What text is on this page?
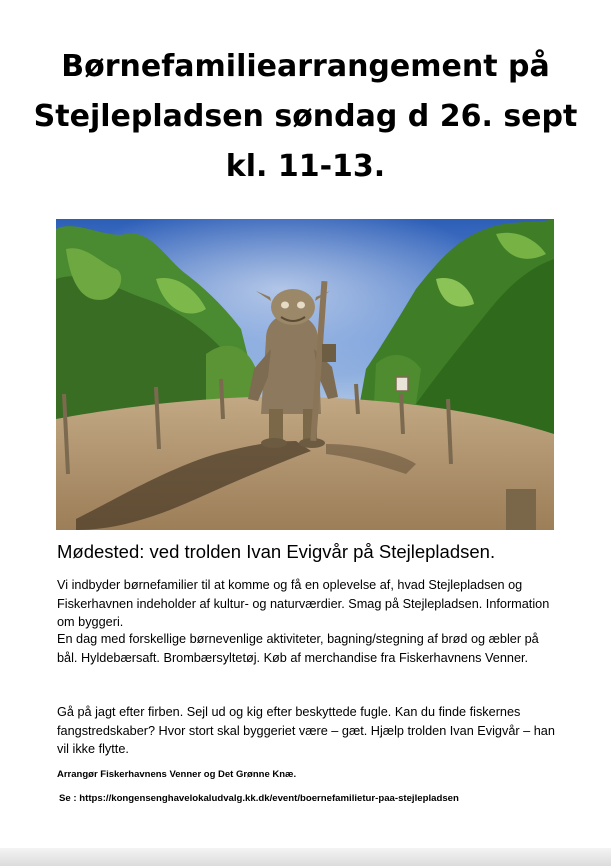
Børnefamiliearrangement på
Stejlepladsen søndag d 26. sept
kl. 11-13.

Mødested: ved trolden Ivan Evigvår på Stejlepladsen.

Vi indbyder børnefamilier til at komme og få en oplevelse af, hvad Stejlepladsen og Fiskerhavnen indeholder af kultur- og naturværdier. Smag på Stejlepladsen. Information om byggeri.

En dag med forskellige børnevenlige aktiviteter, bagning/stegning af brød og æbler på bål. Hyldebærsaft. Brombærsyltetøj. Køb af merchandise fra Fiskerhavnens Venner.

Gå på jagt efter firben. Sejl ud og kig efter beskyttede fugle. Kan du finde fiskernes fangstredskaber? Hvor stort skal byggeriet være – gæt. Hjælp trolden Ivan Evigvår – han vil ikke flytte.

Arrangør Fiskerhavnens Venner og Det Grønne Knæ.

Se : https://kongensenghavelokaludvalg.kk.dk/event/boernefamilietur-paa-stejlepladsen
